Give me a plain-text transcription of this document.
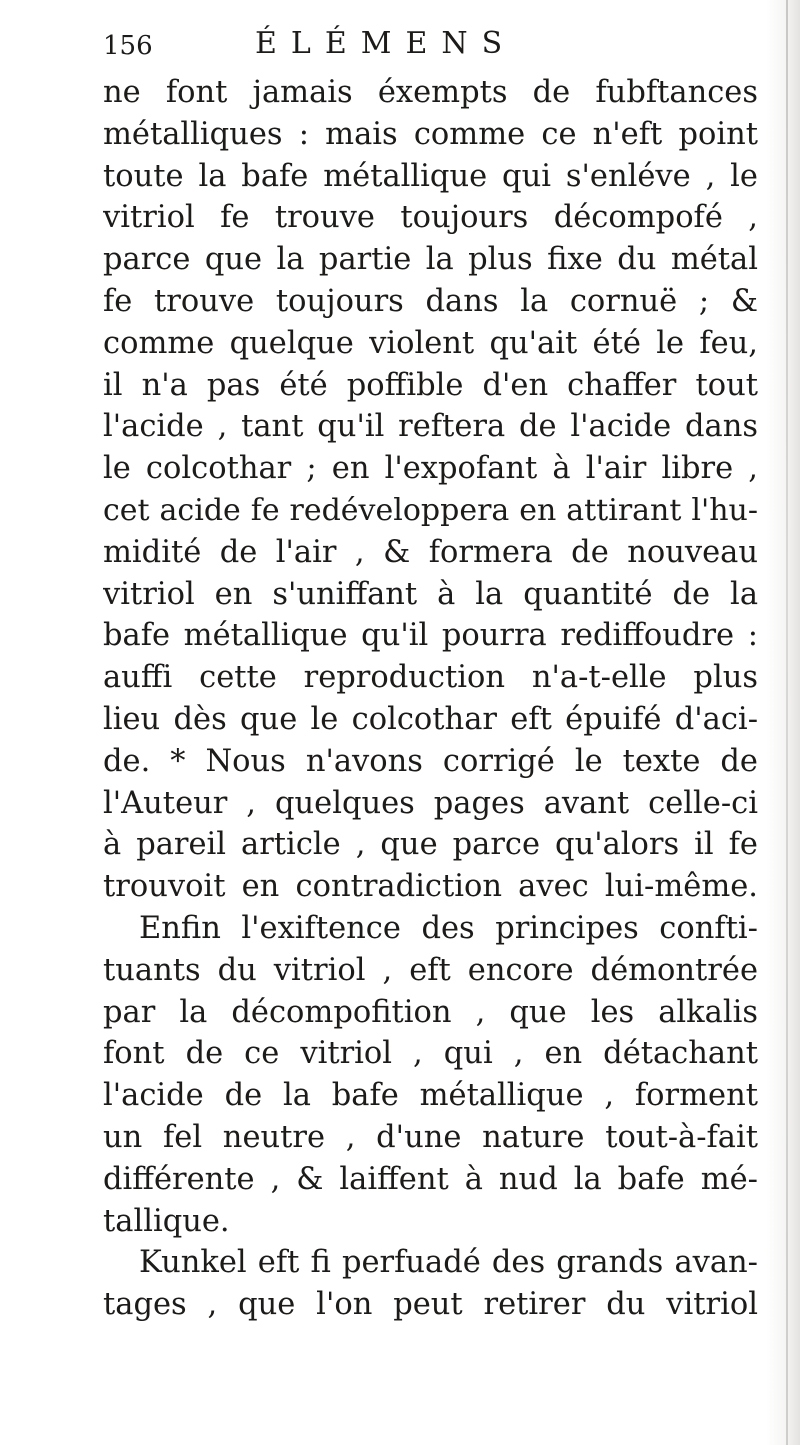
156	ÉLÉMENS
ne font jamais éxempts de fubftances
métalliques : mais comme ce n'eft point
toute la bafe métallique qui s'enléve , le
vitriol fe trouve toujours décompofé ,
parce que la partie la plus fixe du métal
fe trouve toujours dans la cornuë ; &
comme quelque violent qu'ait été le feu,
il n'a pas été poffible d'en chaffer tout
l'acide , tant qu'il reftera de l'acide dans
le colcothar ; en l'expofant à l'air libre ,
cet acide fe redéveloppera en attirant l'hu-
midité de l'air , & formera de nouveau
vitriol en s'uniffant à la quantité de la
bafe métallique qu'il pourra rediffoudre :
auffi cette reproduction n'a-t-elle plus
lieu dès que le colcothar eft épuifé d'aci-
de. * Nous n'avons corrigé le texte de
l'Auteur , quelques pages avant celle-ci
à pareil article , que parce qu'alors il fe
trouvoit en contradiction avec lui-même.
Enfin l'exiftence des principes confti-
tuants du vitriol , eft encore démontrée
par la décompofition , que les alkalis
font de ce vitriol , qui , en détachant
l'acide de la bafe métallique , forment
un fel neutre , d'une nature tout-à-fait
différente , & laiffent à nud la bafe mé-
tallique.
Kunkel eft fi perfuadé des grands avan-
tages , que l'on peut retirer du vitriol
